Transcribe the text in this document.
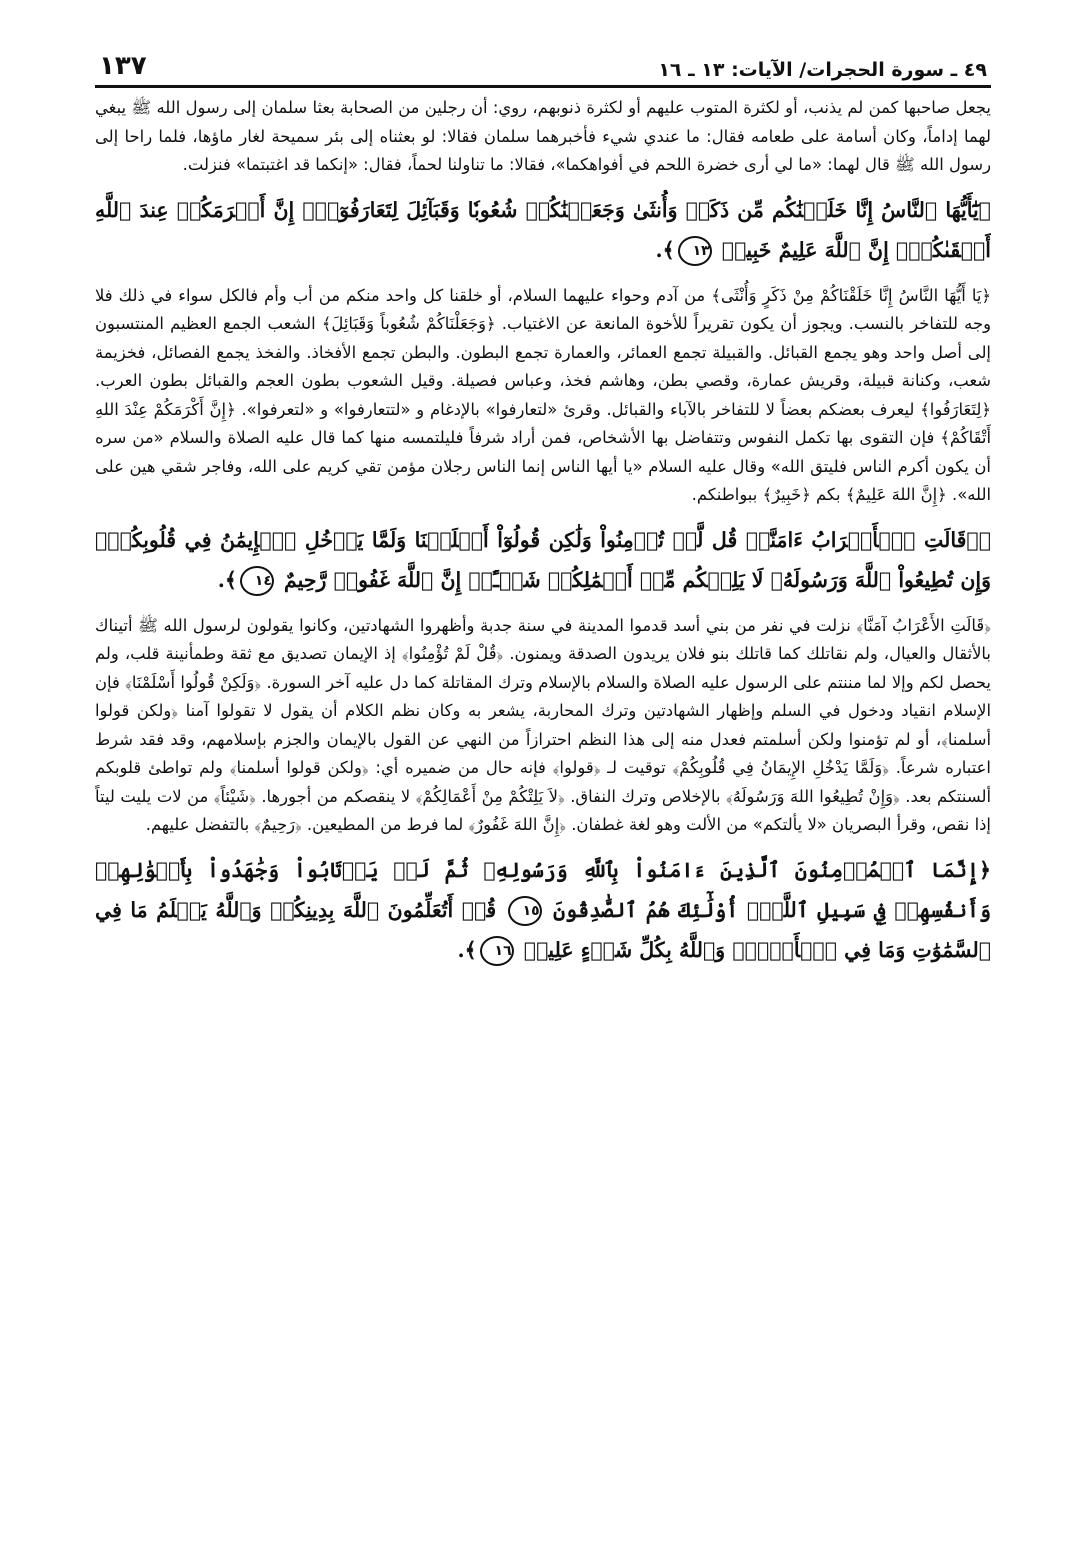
٤٩ ـ سورة الحجرات/ الآيات: ١٣ ـ ١٦
١٣٧

يجعل صاحبها كمن لم يذنب، أو لكثرة المتوب عليهم أو لكثرة ذنوبهم، روي: أن رجلين من الصحابة بعثا سلمان إلى رسول الله ﷺ يبغي لهما إداماً، وكان أسامة على طعامه فقال: ما عندي شيء فأخبرهما سلمان فقالا: لو بعثناه إلى بئر سميحة لغار ماؤها، فلما راحا إلى رسول الله ﷺ قال لهما: «ما لي أرى خضرة اللحم في أفواهكما»، فقالا: ما تناولنا لحماً، فقال: «إنكما قد اغتبتما» فنزلت.

﴿يَٰٓأَيُّهَا ٱلنَّاسُ إِنَّا خَلَقۡنَٰكُم مِّن ذَكَرٖ وَأُنثَىٰ وَجَعَلۡنَٰكُمۡ شُعُوبٗا وَقَبَآئِلَ لِتَعَارَفُوٓاْۚ إِنَّ أَكۡرَمَكُمۡ عِندَ ٱللَّهِ أَتۡقَىٰكُمۡۚ إِنَّ ٱللَّهَ عَلِيمٌ خَبِيرٞ ١٣﴾.

﴿يَا أَيُّهَا النَّاسُ إِنَّا خَلَقْنَاكُمْ مِنْ ذَكَرٍ وَأُنْثَى﴾ من آدم وحواء عليهما السلام، أو خلقنا كل واحد منكم من أب وأم فالكل سواء في ذلك فلا وجه للتفاخر بالنسب. ويجوز أن يكون تقريراً للأخوة المانعة عن الاغتياب. ﴿وَجَعَلْنَاكُمْ شُعُوباً وَقَبَائِلَ﴾ الشعب الجمع العظيم المنتسبون إلى أصل واحد وهو يجمع القبائل. والقبيلة تجمع العمائر، والعمارة تجمع البطون. والبطن تجمع الأفخاذ. والفخذ يجمع الفصائل، فخزيمة شعب، وكنانة قبيلة، وقريش عمارة، وقصي بطن، وهاشم فخذ، وعباس فصيلة. وقيل الشعوب بطون العجم والقبائل بطون العرب. ﴿لِتَعَارَفُوا﴾ ليعرف بعضكم بعضاً لا للتفاخر بالآباء والقبائل. وقرئ «لتعارفوا» بالإدغام و «لتتعارفوا» و «لتعرفوا». ﴿إِنَّ أَكْرَمَكُمْ عِنْدَ اللهِ أَتْقَاكُمْ﴾ فإن التقوى بها تكمل النفوس وتتفاضل بها الأشخاص، فمن أراد شرفاً فليلتمسه منها كما قال عليه الصلاة والسلام «من سره أن يكون أكرم الناس فليتق الله» وقال عليه السلام «يا أيها الناس إنما الناس رجلان مؤمن تقي كريم على الله، وفاجر شقي هين على الله». ﴿إِنَّ اللهَ عَلِيمٌ﴾ بكم ﴿خَبِيرٌ﴾ ببواطنكم.

﴿۞قَالَتِ ٱلۡأَعۡرَابُ ءَامَنَّاۖ قُل لَّمۡ تُؤۡمِنُواْ وَلَٰكِن قُولُوٓاْ أَسۡلَمۡنَا وَلَمَّا يَدۡخُلِ ٱلۡإِيمَٰنُ فِي قُلُوبِكُمۡۖ وَإِن تُطِيعُواْ ٱللَّهَ وَرَسُولَهُۥ لَا يَلِتۡكُم مِّنۡ أَعۡمَٰلِكُمۡ شَيۡـًٔاۚ إِنَّ ٱللَّهَ غَفُورٞ رَّحِيمٌ ١٤﴾.

﴿قَالَتِ الأَعْرَابُ آمَنَّا﴾ نزلت في نفر من بني أسد قدموا المدينة في سنة جدبة وأظهروا الشهادتين، وكانوا يقولون لرسول الله ﷺ أتيناك بالأثقال والعيال، ولم نقاتلك كما قاتلك بنو فلان يريدون الصدقة ويمنون. ﴿قُلْ لَمْ تُؤْمِنُوا﴾ إذ الإيمان تصديق مع ثقة وطمأنينة قلب، ولم يحصل لكم وإلا لما مننتم على الرسول عليه الصلاة والسلام بالإسلام وترك المقاتلة كما دل عليه آخر السورة. ﴿وَلَكِنْ قُولُوا أَسْلَمْنَا﴾ فإن الإسلام انقياد ودخول في السلم وإظهار الشهادتين وترك المحاربة، يشعر به وكان نظم الكلام أن يقول لا تقولوا آمنا ﴿ولكن قولوا أسلمنا﴾، أو لم تؤمنوا ولكن أسلمتم فعدل منه إلى هذا النظم احترازاً من النهي عن القول بالإيمان والجزم بإسلامهم، وقد فقد شرط اعتباره شرعاً. ﴿وَلَمَّا يَدْخُلِ الإِيمَانُ فِي قُلُوبِكُمْ﴾ توقيت لـ ﴿قولوا﴾ فإنه حال من ضميره أي: ﴿ولكن قولوا أسلمنا﴾ ولم تواطئ قلوبكم ألسنتكم بعد. ﴿وَإِنْ تُطِيعُوا اللهَ وَرَسُولَهُ﴾ بالإخلاص وترك النفاق. ﴿لاَ يَلِتْكُمْ مِنْ أَعْمَالِكُمْ﴾ لا ينقصكم من أجورها. ﴿شَيْئاً﴾ من لات يليت ليتاً إذا نقص، وقرأ البصريان «لا يألتكم» من الألت وهو لغة غطفان. ﴿إِنَّ اللهَ غَفُورٌ﴾ لما فرط من المطيعين. ﴿رَحِيمٌ﴾ بالتفضل عليهم.

﴿إِنَّمَا ٱلۡمُؤۡمِنُونَ ٱلَّذِينَ ءَامَنُواْ بِٱللَّهِ وَرَسُولِهِۦ ثُمَّ لَمۡ يَرۡتَابُواْ وَجَٰهَدُواْ بِأَمۡوَٰلِهِمۡ وَأَنفُسِهِمۡ فِي سَبِيلِ ٱللَّهِۚ أُوْلَٰٓئِكَ هُمُ ٱلصَّٰدِقُونَ ١٥ قُلۡ أَتُعَلِّمُونَ ٱللَّهَ بِدِينِكُمۡ وَٱللَّهُ يَعۡلَمُ مَا فِي ٱلسَّمَٰوَٰتِ وَمَا فِي ٱلۡأَرۡضِۚ وَٱللَّهُ بِكُلِّ شَيۡءٍ عَلِيمٞ ١٦﴾.
